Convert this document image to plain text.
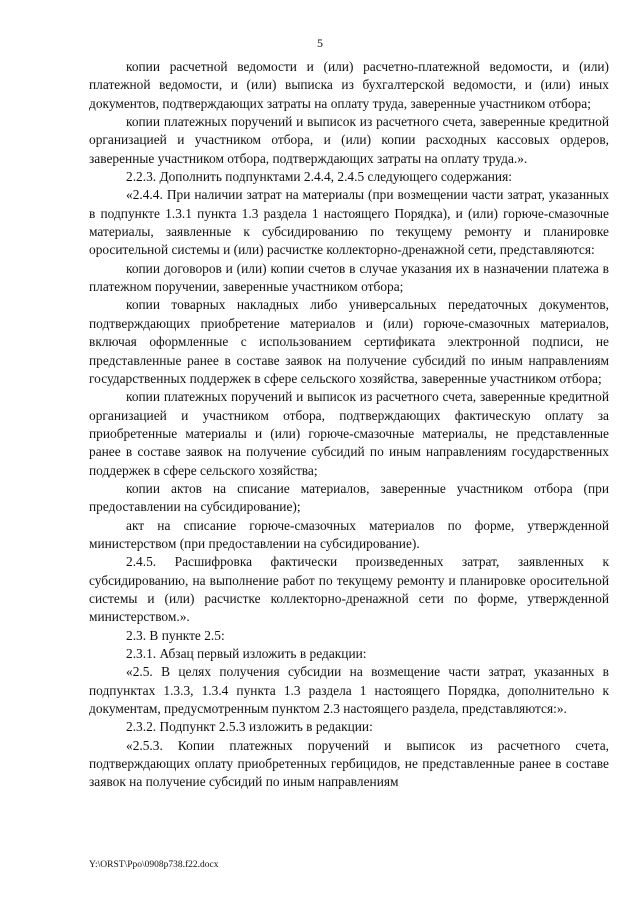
5

копии расчетной ведомости и (или) расчетно-платежной ведомости, и (или) платежной ведомости, и (или) выписка из бухгалтерской ведомости, и (или) иных документов, подтверждающих затраты на оплату труда, заверенные участником отбора;

копии платежных поручений и выписок из расчетного счета, заверенные кредитной организацией и участником отбора, и (или) копии расходных кассовых ордеров, заверенные участником отбора, подтверждающих затраты на оплату труда.».

2.2.3. Дополнить подпунктами 2.4.4, 2.4.5 следующего содержания:

«2.4.4. При наличии затрат на материалы (при возмещении части затрат, указанных в подпункте 1.3.1 пункта 1.3 раздела 1 настоящего Порядка), и (или) горюче-смазочные материалы, заявленные к субсидированию по текущему ремонту и планировке оросительной системы и (или) расчистке коллекторно-дренажной сети, представляются:

копии договоров и (или) копии счетов в случае указания их в назначении платежа в платежном поручении, заверенные участником отбора;

копии товарных накладных либо универсальных передаточных документов, подтверждающих приобретение материалов и (или) горюче-смазочных материалов, включая оформленные с использованием сертификата электронной подписи, не представленные ранее в составе заявок на получение субсидий по иным направлениям государственных поддержек в сфере сельского хозяйства, заверенные участником отбора;

копии платежных поручений и выписок из расчетного счета, заверенные кредитной организацией и участником отбора, подтверждающих фактическую оплату за приобретенные материалы и (или) горюче-смазочные материалы, не представленные ранее в составе заявок на получение субсидий по иным направлениям государственных поддержек в сфере сельского хозяйства;

копии актов на списание материалов, заверенные участником отбора (при предоставлении на субсидирование);

акт на списание горюче-смазочных материалов по форме, утвержденной министерством (при предоставлении на субсидирование).

2.4.5. Расшифровка фактически произведенных затрат, заявленных к субсидированию, на выполнение работ по текущему ремонту и планировке оросительной системы и (или) расчистке коллекторно-дренажной сети по форме, утвержденной министерством.».

2.3. В пункте 2.5:

2.3.1. Абзац первый изложить в редакции:

«2.5. В целях получения субсидии на возмещение части затрат, указанных в подпунктах 1.3.3, 1.3.4 пункта 1.3 раздела 1 настоящего Порядка, дополнительно к документам, предусмотренным пунктом 2.3 настоящего раздела, представляются:».

2.3.2. Подпункт 2.5.3 изложить в редакции:

«2.5.3. Копии платежных поручений и выписок из расчетного счета, подтверждающих оплату приобретенных гербицидов, не представленные ранее в составе заявок на получение субсидий по иным направлениям

Y:\ORST\Ppo\0908p738.f22.docx
